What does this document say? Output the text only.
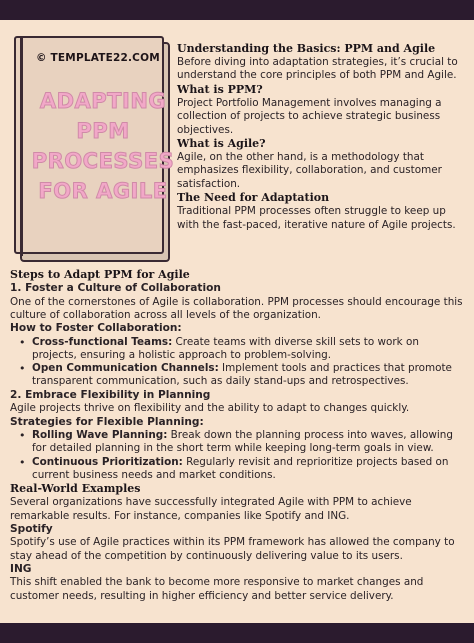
© TEMPLATE22.COM
ADAPTING
PPM
PROCESSES
FOR AGILE
Understanding the Basics: PPM and Agile

Before diving into adaptation strategies, it’s crucial to understand the core principles of both PPM and Agile.

What is PPM?

Project Portfolio Management involves managing a collection of projects to achieve strategic business objectives.

What is Agile?

Agile, on the other hand, is a methodology that emphasizes flexibility, collaboration, and customer satisfaction.

The Need for Adaptation

Traditional PPM processes often struggle to keep up with the fast-paced, iterative nature of Agile projects.

Steps to Adapt PPM for Agile
1. Foster a Culture of Collaboration

One of the cornerstones of Agile is collaboration. PPM processes should encourage this culture of collaboration across all levels of the organization.

How to Foster Collaboration:
• Cross-functional Teams: Create teams with diverse skill sets to work on projects, ensuring a holistic approach to problem-solving.
• Open Communication Channels: Implement tools and practices that promote transparent communication, such as daily stand-ups and retrospectives.
2. Embrace Flexibility in Planning

Agile projects thrive on flexibility and the ability to adapt to changes quickly.

Strategies for Flexible Planning:
• Rolling Wave Planning: Break down the planning process into waves, allowing for detailed planning in the short term while keeping long-term goals in view.
• Continuous Prioritization: Regularly revisit and reprioritize projects based on current business needs and market conditions.
Real-World Examples

Several organizations have successfully integrated Agile with PPM to achieve remarkable results. For instance, companies like Spotify and ING.

Spotify

Spotify’s use of Agile practices within its PPM framework has allowed the company to stay ahead of the competition by continuously delivering value to its users.

ING

This shift enabled the bank to become more responsive to market changes and customer needs, resulting in higher efficiency and better service delivery.
